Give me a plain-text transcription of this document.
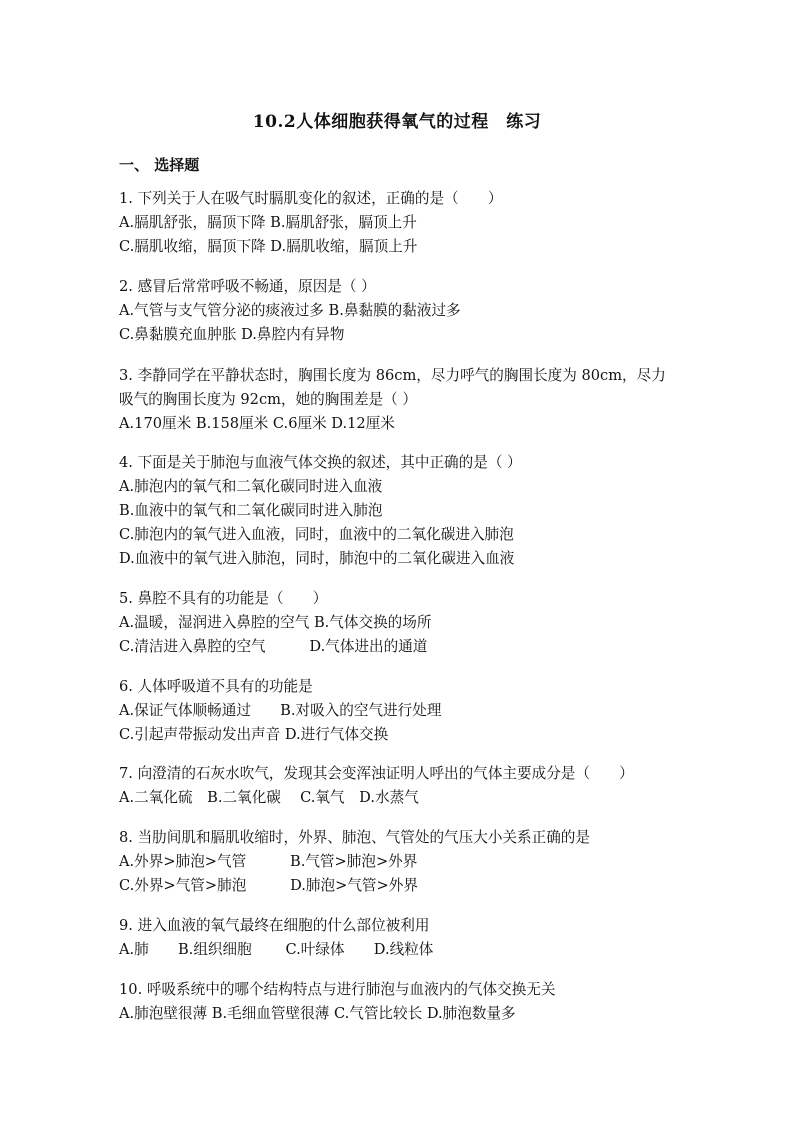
10.2人体细胞获得氧气的过程　练习
一、 选择题
1. 下列关于人在吸气时膈肌变化的叙述，正确的是（　　）
A.膈肌舒张，膈顶下降 B.膈肌舒张，膈顶上升
C.膈肌收缩，膈顶下降 D.膈肌收缩，膈顶上升
2. 感冒后常常呼吸不畅通，原因是（ ）
A.气管与支气管分泌的痰液过多 B.鼻黏膜的黏液过多
C.鼻黏膜充血肿胀 D.鼻腔内有异物
3. 李静同学在平静状态时，胸围长度为 86cm，尽力呼气的胸围长度为 80cm，尽力吸气的胸围长度为 92cm，她的胸围差是（ ）
A.170厘米 B.158厘米 C.6厘米 D.12厘米
4. 下面是关于肺泡与血液气体交换的叙述，其中正确的是（ ）
A.肺泡内的氧气和二氧化碳同时进入血液
B.血液中的氧气和二氧化碳同时进入肺泡
C.肺泡内的氧气进入血液，同时，血液中的二氧化碳进入肺泡
D.血液中的氧气进入肺泡，同时，肺泡中的二氧化碳进入血液
5. 鼻腔不具有的功能是（　　）
A.温暖，湿润进入鼻腔的空气 B.气体交换的场所
C.清洁进入鼻腔的空气　　　D.气体进出的通道
6. 人体呼吸道不具有的功能是
A.保证气体顺畅通过　　B.对吸入的空气进行处理
C.引起声带振动发出声音 D.进行气体交换
7. 向澄清的石灰水吹气，发现其会变浑浊证明人呼出的气体主要成分是（　　）
A.二氧化硫　B.二氧化碳　 C.氧气　D.水蒸气
8. 当肋间肌和膈肌收缩时，外界、肺泡、气管处的气压大小关系正确的是
A.外界>肺泡>气管　　　B.气管>肺泡>外界
C.外界>气管>肺泡　　　D.肺泡>气管>外界
9. 进入血液的氧气最终在细胞的什么部位被利用
A.肺　　B.组织细胞　　 C.叶绿体　　D.线粒体
10. 呼吸系统中的哪个结构特点与进行肺泡与血液内的气体交换无关
A.肺泡壁很薄 B.毛细血管壁很薄 C.气管比较长 D.肺泡数量多
